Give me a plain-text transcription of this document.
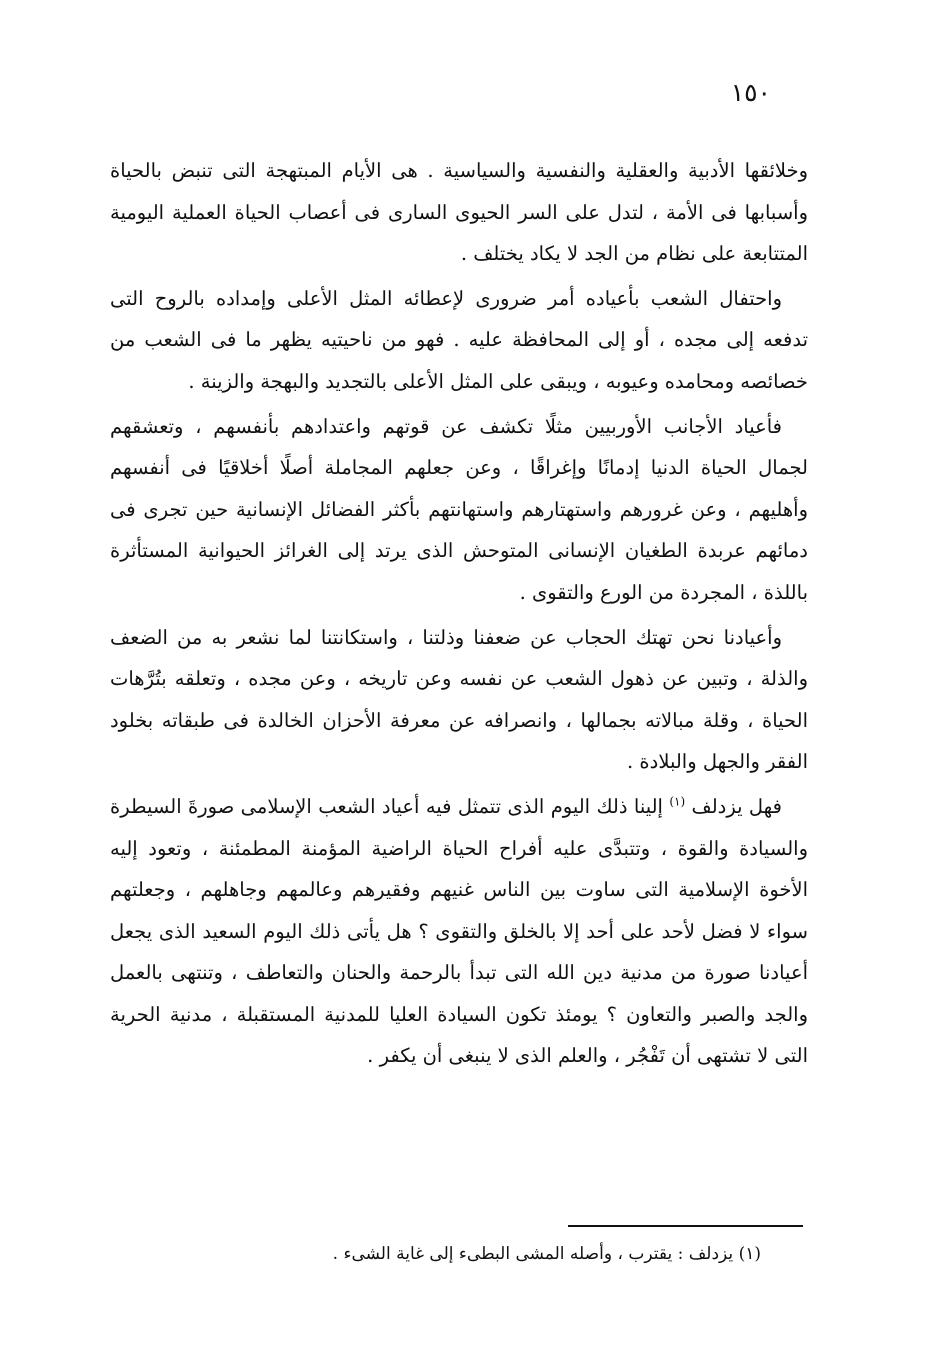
١٥٠

وخلائقها الأدبية والعقلية والنفسية والسياسية . هى الأيام المبتهجة التى تنبض بالحياة وأسبابها فى الأمة ، لتدل على السر الحيوى السارى فى أعصاب الحياة العملية اليومية المتتابعة على نظام من الجد لا يكاد يختلف .

واحتفال الشعب بأعياده أمر ضرورى لإعطائه المثل الأعلى وإمداده بالروح التى تدفعه إلى مجده ، أو إلى المحافظة عليه . فهو من ناحيتيه يظهر ما فى الشعب من خصائصه ومحامده وعيوبه ، ويبقى على المثل الأعلى بالتجديد والبهجة والزينة .

فأعياد الأجانب الأوربيين مثلًا تكشف عن قوتهم واعتدادهم بأنفسهم ، وتعشقهم لجمال الحياة الدنيا إدمانًا وإغراقًا ، وعن جعلهم المجاملة أصلًا أخلاقيًا فى أنفسهم وأهليهم ، وعن غرورهم واستهتارهم واستهانتهم بأكثر الفضائل الإنسانية حين تجرى فى دمائهم عربدة الطغيان الإنسانى المتوحش الذى يرتد إلى الغرائز الحيوانية المستأثرة باللذة ، المجردة من الورع والتقوى .

وأعيادنا نحن تهتك الحجاب عن ضعفنا وذلتنا ، واستكانتنا لما نشعر به من الضعف والذلة ، وتبين عن ذهول الشعب عن نفسه وعن تاريخه ، وعن مجده ، وتعلقه بتُرَّهات الحياة ، وقلة مبالاته بجمالها ، وانصرافه عن معرفة الأحزان الخالدة فى طبقاته بخلود الفقر والجهل والبلادة .

فهل يزدلف $^{(١)}$ إلينا ذلك اليوم الذى تتمثل فيه أعياد الشعب الإسلامى صورةَ السيطرة والسيادة والقوة ، وتتبدَّى عليه أفراح الحياة الراضية المؤمنة المطمئنة ، وتعود إليه الأخوة الإسلامية التى ساوت بين الناس غنيهم وفقيرهم وعالمهم وجاهلهم ، وجعلتهم سواء لا فضل لأحد على أحد إلا بالخلق والتقوى ؟ هل يأتى ذلك اليوم السعيد الذى يجعل أعيادنا صورة من مدنية دين الله التى تبدأ بالرحمة والحنان والتعاطف ، وتنتهى بالعمل والجد والصبر والتعاون ؟ يومئذ تكون السيادة العليا للمدنية المستقبلة ، مدنية الحرية التى لا تشتهى أن تَفْجُر ، والعلم الذى لا ينبغى أن يكفر .

(١) يزدلف : يقترب ، وأصله المشى البطىء إلى غاية الشىء .
